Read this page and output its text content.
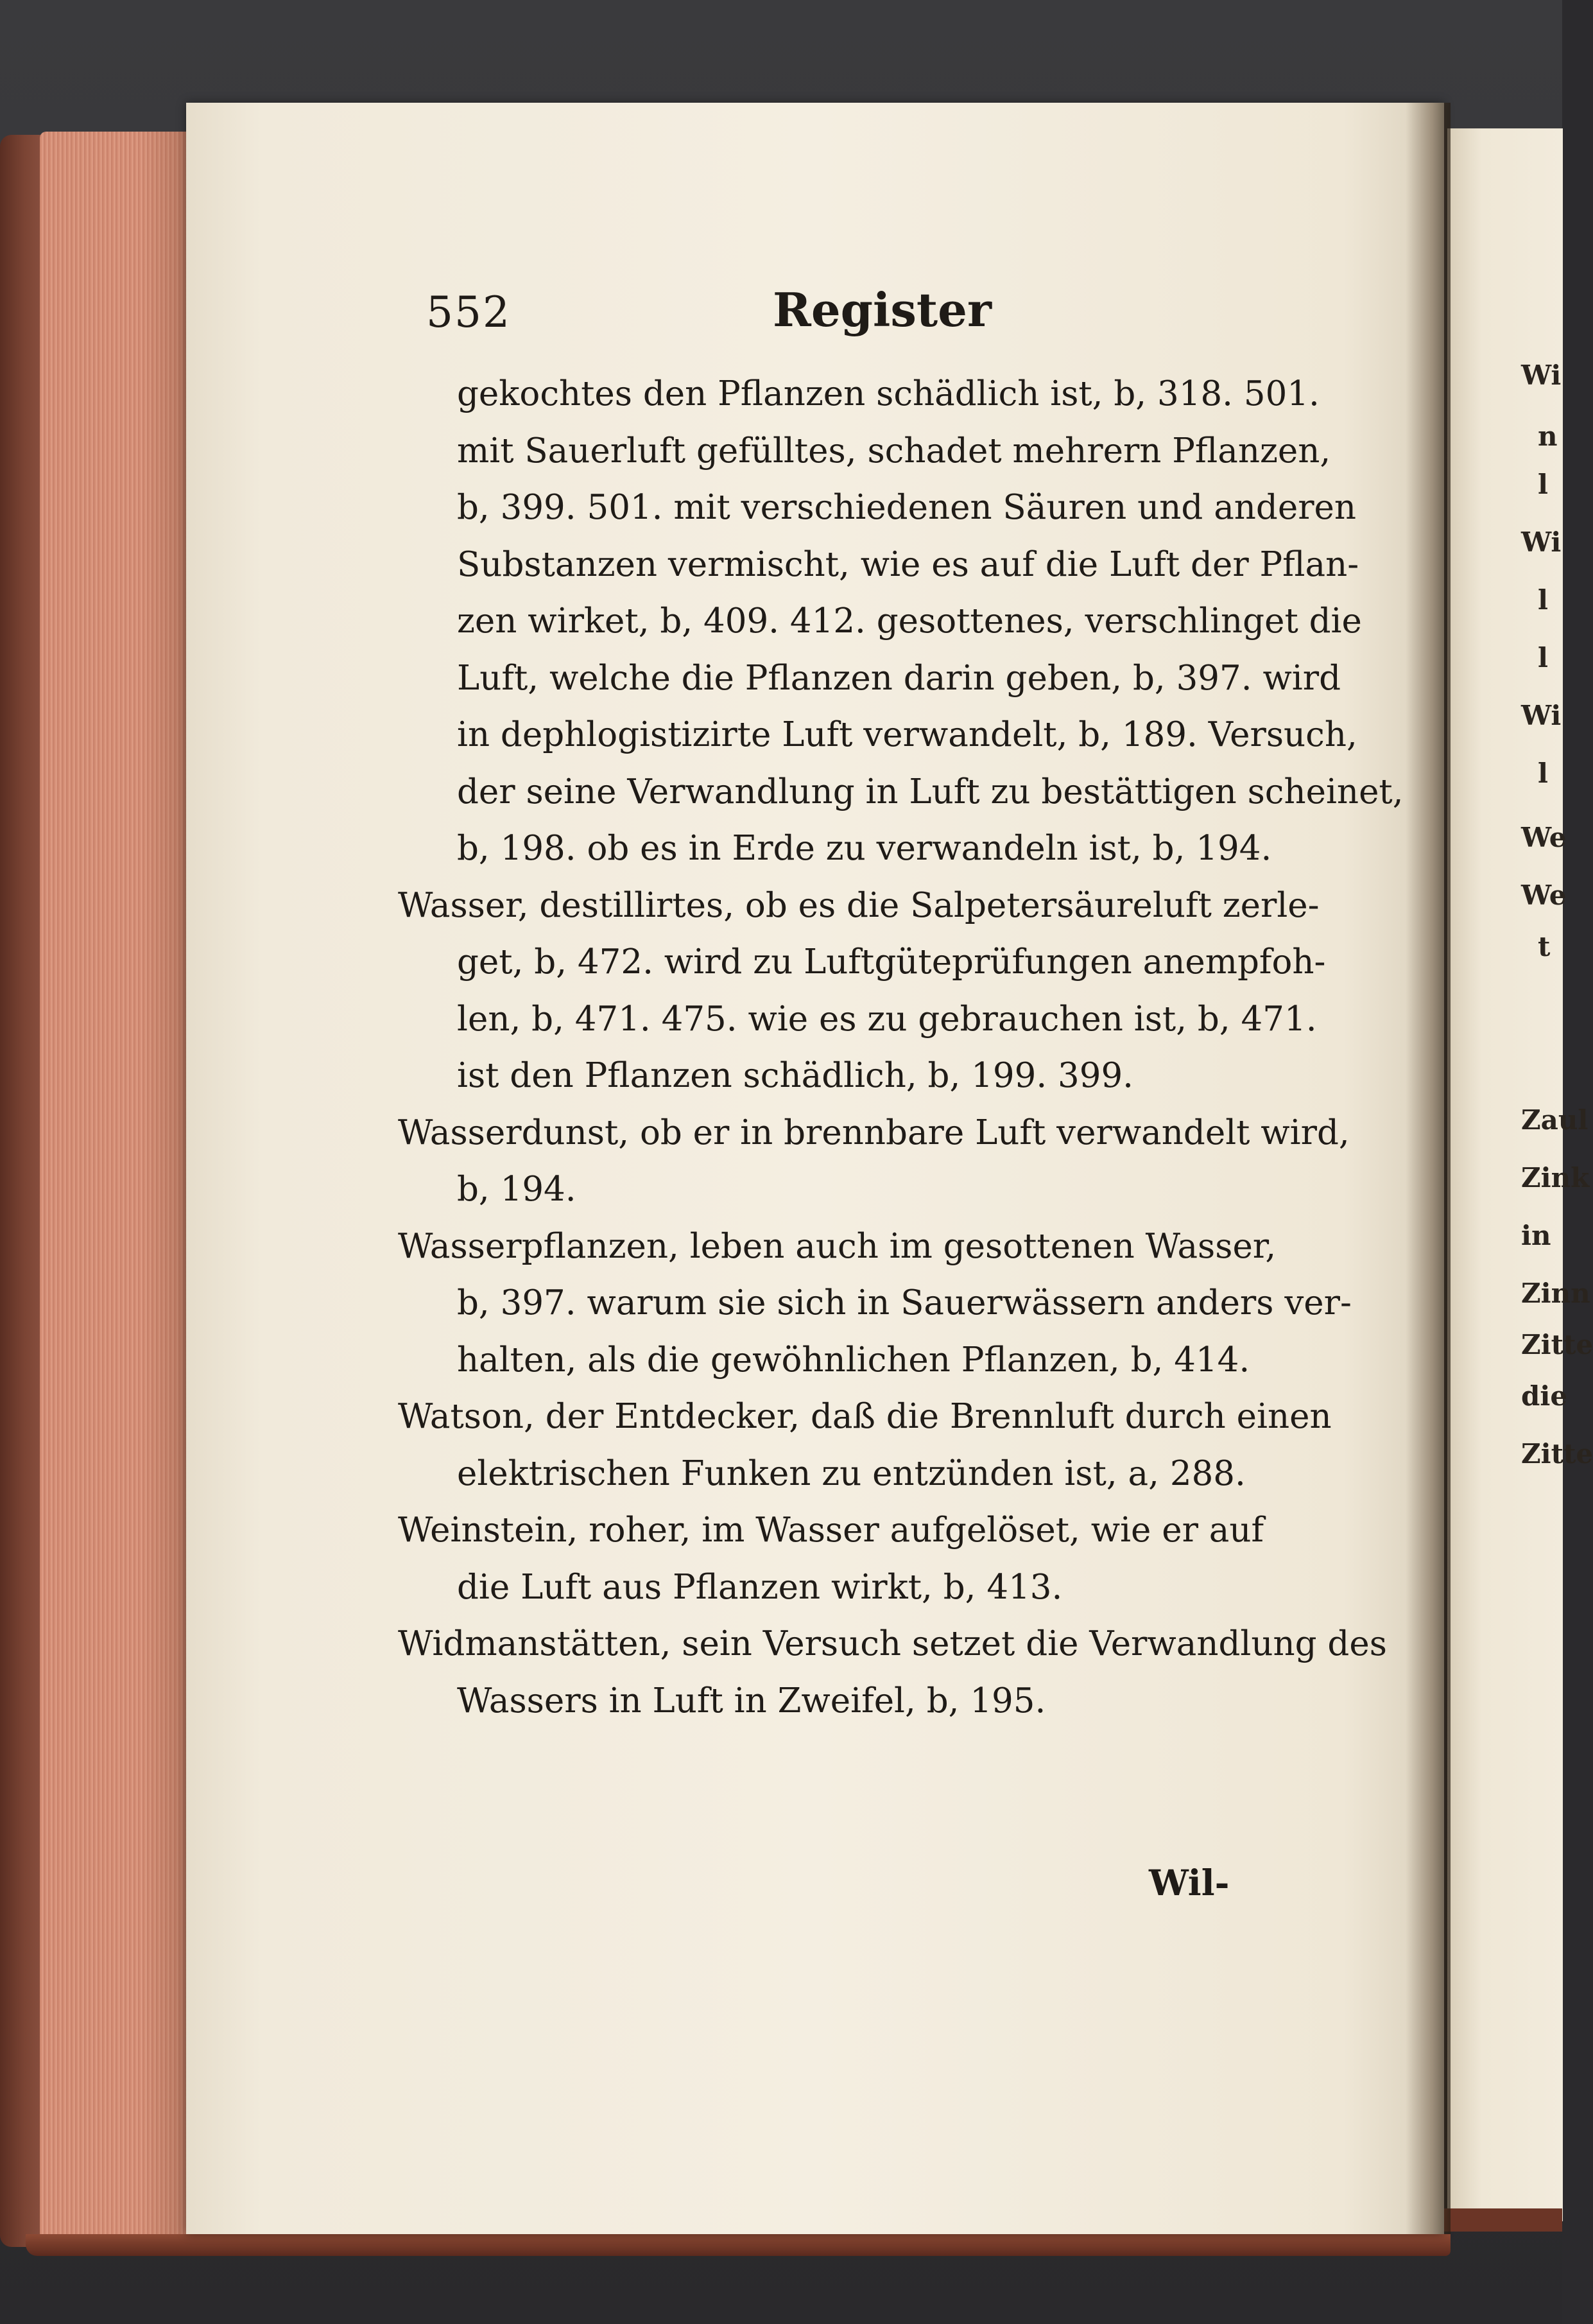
552	Register

gekochtes den Pflanzen schädlich ist, b, 318. 501.

mit Sauerluft gefülltes, schadet mehrern Pflanzen,

b, 399. 501. mit verschiedenen Säuren und anderen

Substanzen vermischt, wie es auf die Luft der Pflan-

zen wirket, b, 409. 412. gesottenes, verschlinget die

Luft, welche die Pflanzen darin geben, b, 397. wird

in dephlogistizirte Luft verwandelt, b, 189. Versuch,

der seine Verwandlung in Luft zu bestättigen scheinet,

b, 198. ob es in Erde zu verwandeln ist, b, 194.

Wasser, destillirtes, ob es die Salpetersäureluft zerle-

get, b, 472. wird zu Luftgüteprüfungen anempfoh-

len, b, 471. 475. wie es zu gebrauchen ist, b, 471.

ist den Pflanzen schädlich, b, 199. 399.

Wasserdunst, ob er in brennbare Luft verwandelt wird,

b, 194.

Wasserpflanzen, leben auch im gesottenen Wasser,

b, 397. warum sie sich in Sauerwässern anders ver-

halten, als die gewöhnlichen Pflanzen, b, 414.

Watson, der Entdecker, daß die Brennluft durch einen

elektrischen Funken zu entzünden ist, a, 288.

Weinstein, roher, im Wasser aufgelöset, wie er auf

die Luft aus Pflanzen wirkt, b, 413.

Widmanstätten, sein Versuch setzet die Verwandlung des

Wassers in Luft in Zweifel, b, 195.

Wil-
Wi
n
l
Wi
l
l
Wi
l
We
We
t
Zaul
Zink
in
Zinn
Zitte
die
Zitte
